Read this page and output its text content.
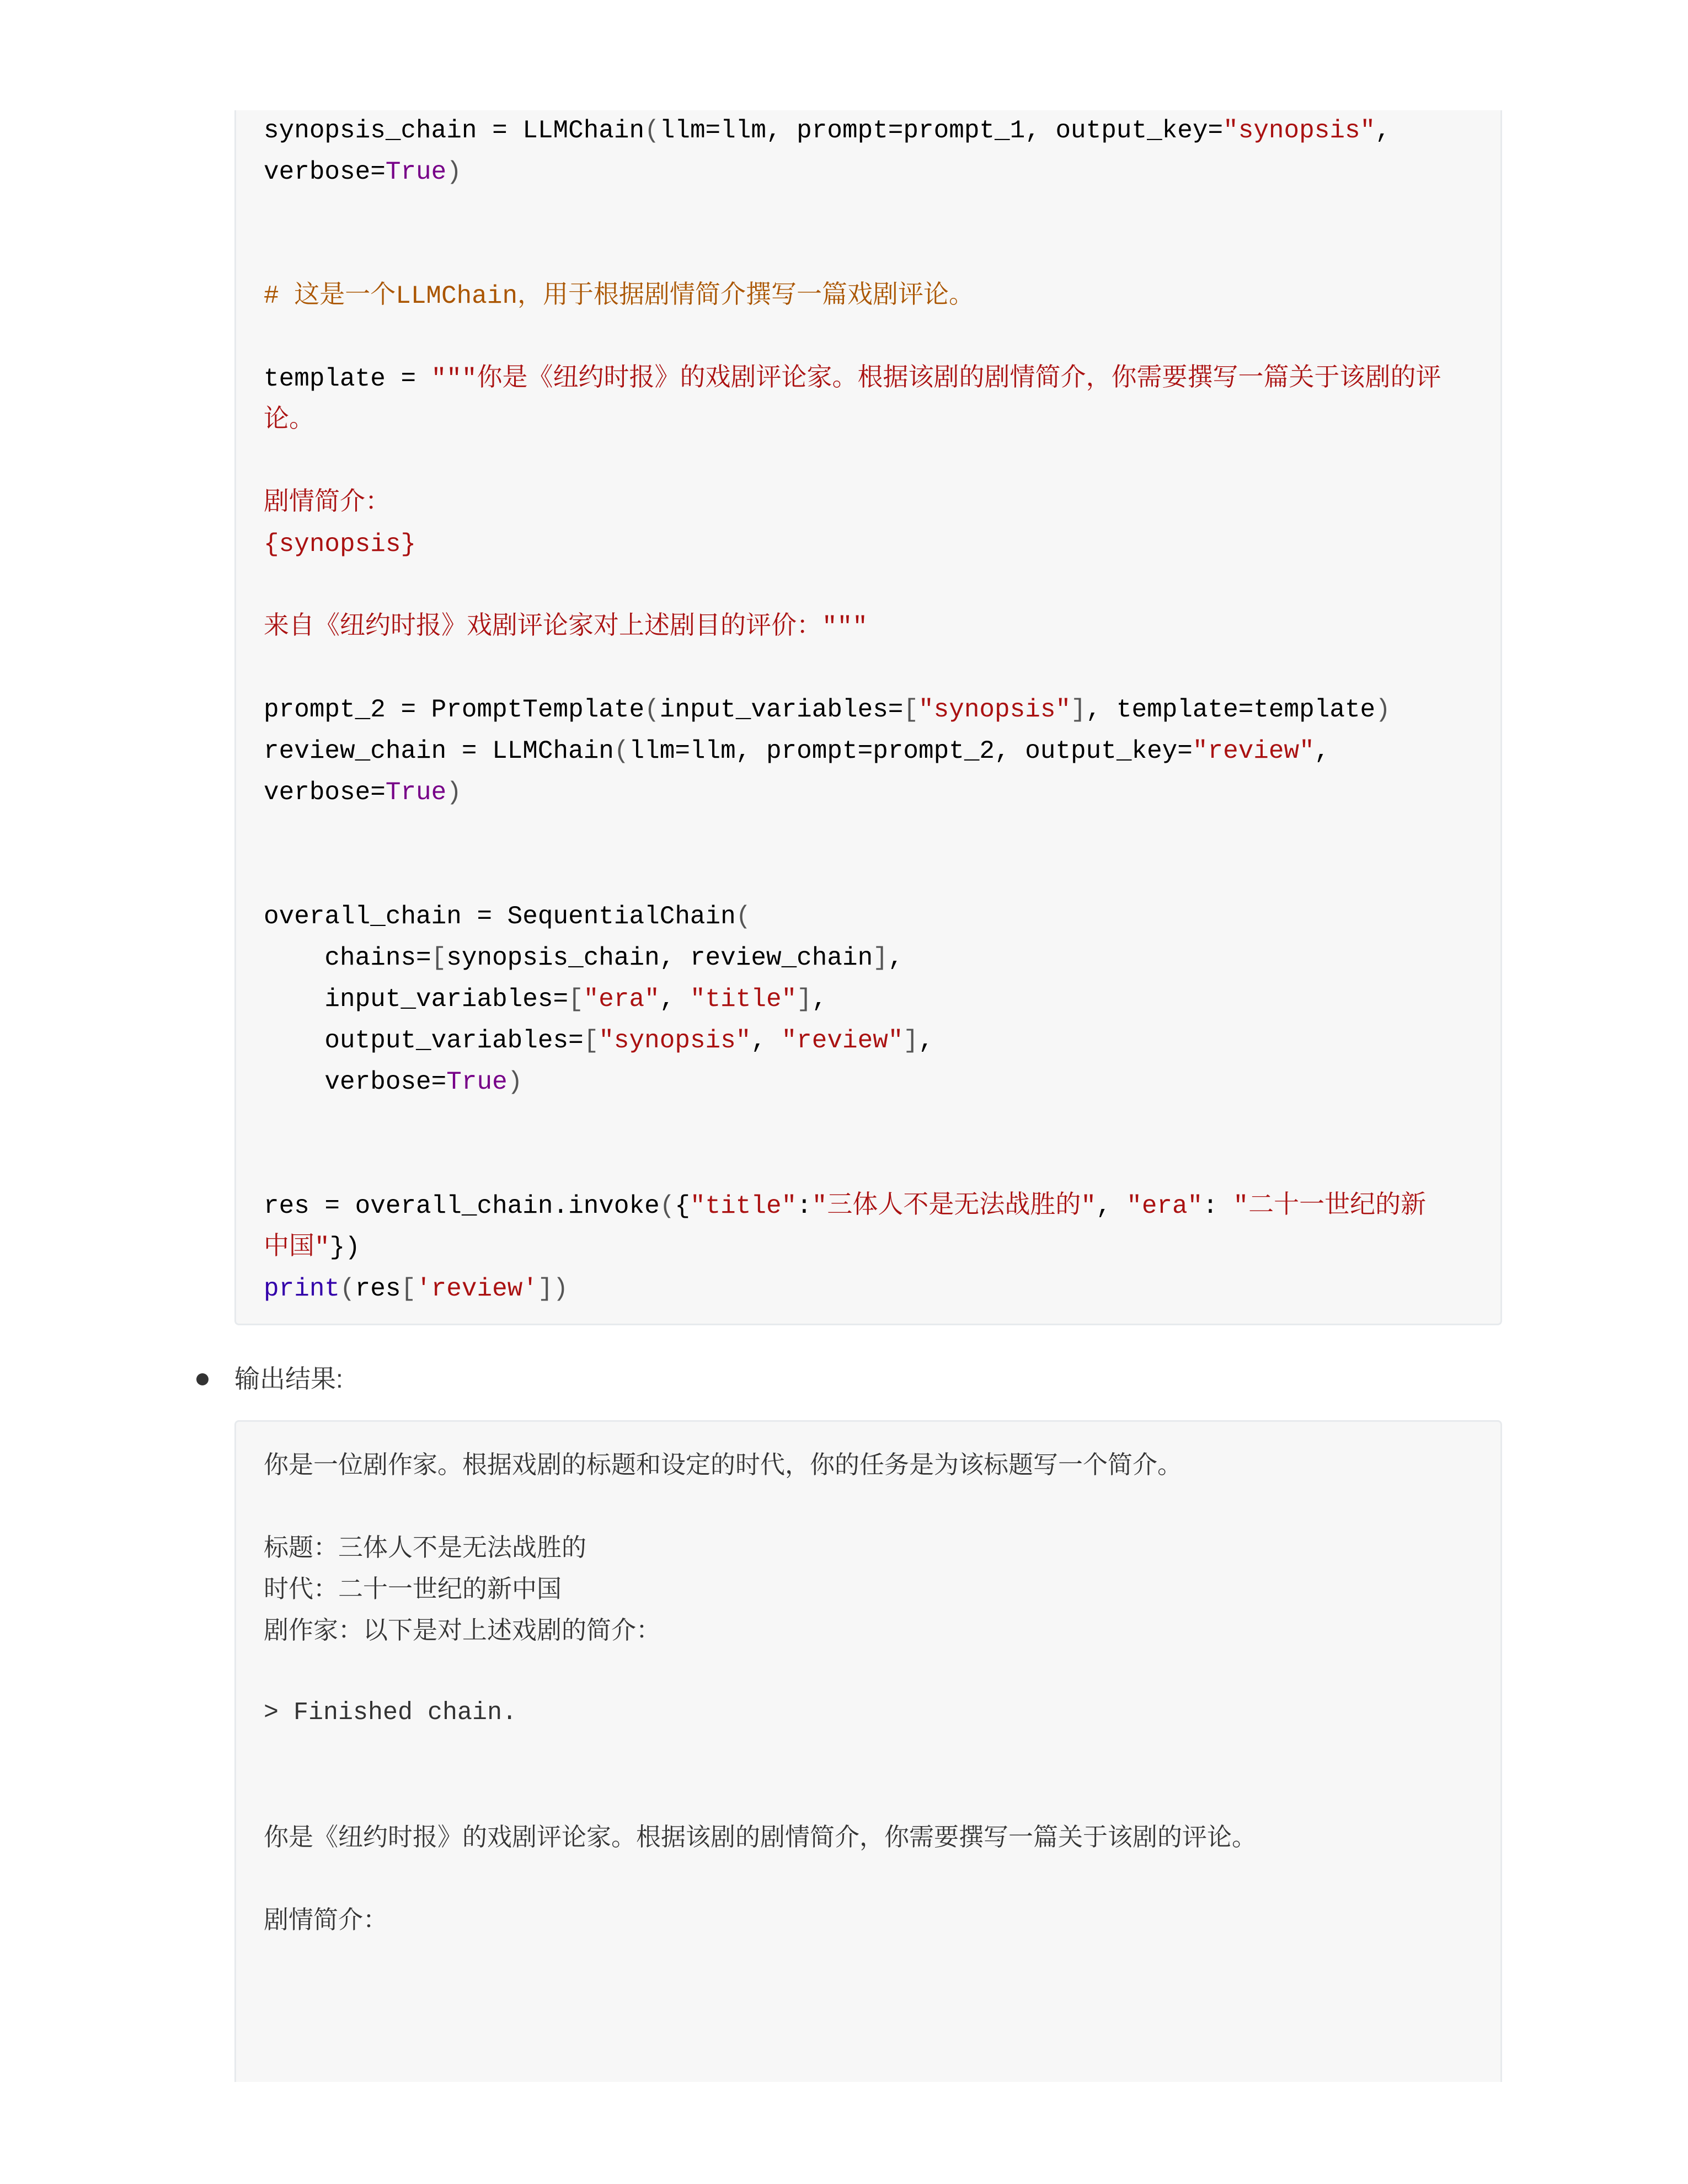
synopsis_chain = LLMChain(llm=llm, prompt=prompt_1, output_key="synopsis",
verbose=True)
# 这是一个LLMChain，用于根据剧情简介撰写一篇戏剧评论。
template = """你是《纽约时报》的戏剧评论家。根据该剧的剧情简介，你需要撰写一篇关于该剧的评
论。
剧情简介：
{synopsis}
来自《纽约时报》戏剧评论家对上述剧目的评价："""
prompt_2 = PromptTemplate(input_variables=["synopsis"], template=template)
review_chain = LLMChain(llm=llm, prompt=prompt_2, output_key="review",
verbose=True)
overall_chain = SequentialChain(
chains=[synopsis_chain, review_chain],
input_variables=["era", "title"],
output_variables=["synopsis", "review"],
verbose=True)
res = overall_chain.invoke({"title":"三体人不是无法战胜的", "era": "二十一世纪的新
中国"})
print(res['review'])
输出结果:
你是一位剧作家。根据戏剧的标题和设定的时代，你的任务是为该标题写一个简介。
标题：三体人不是无法战胜的
时代：二十一世纪的新中国
剧作家：以下是对上述戏剧的简介：
> Finished chain.
你是《纽约时报》的戏剧评论家。根据该剧的剧情简介，你需要撰写一篇关于该剧的评论。
剧情简介：
